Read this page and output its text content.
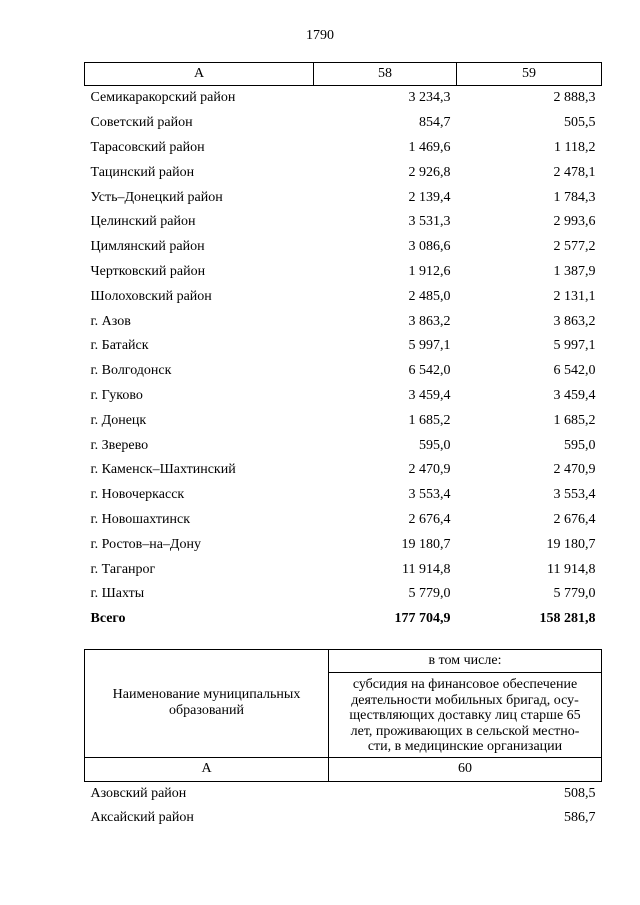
1790
А	58	59
Семикаракорский район	3 234,3	2 888,3
Советский район	854,7	505,5
Тарасовский район	1 469,6	1 118,2
Тацинский район	2 926,8	2 478,1
Усть–Донецкий район	2 139,4	1 784,3
Целинский район	3 531,3	2 993,6
Цимлянский район	3 086,6	2 577,2
Чертковский район	1 912,6	1 387,9
Шолоховский район	2 485,0	2 131,1
г. Азов	3 863,2	3 863,2
г. Батайск	5 997,1	5 997,1
г. Волгодонск	6 542,0	6 542,0
г. Гуково	3 459,4	3 459,4
г. Донецк	1 685,2	1 685,2
г. Зверево	595,0	595,0
г. Каменск–Шахтинский	2 470,9	2 470,9
г. Новочеркасск	3 553,4	3 553,4
г. Новошахтинск	2 676,4	2 676,4
г. Ростов–на–Дону	19 180,7	19 180,7
г. Таганрог	11 914,8	11 914,8
г. Шахты	5 779,0	5 779,0
Всего	177 704,9	158 281,8
Наименование муниципальных образований	в том числе:
	субсидия на финансовое обеспечение деятельности мобильных бригад, осу-ществляющих доставку лиц старше 65 лет, проживающих в сельской местно-сти, в медицинские организации
А	60
Азовский район	508,5
Аксайский район	586,7
